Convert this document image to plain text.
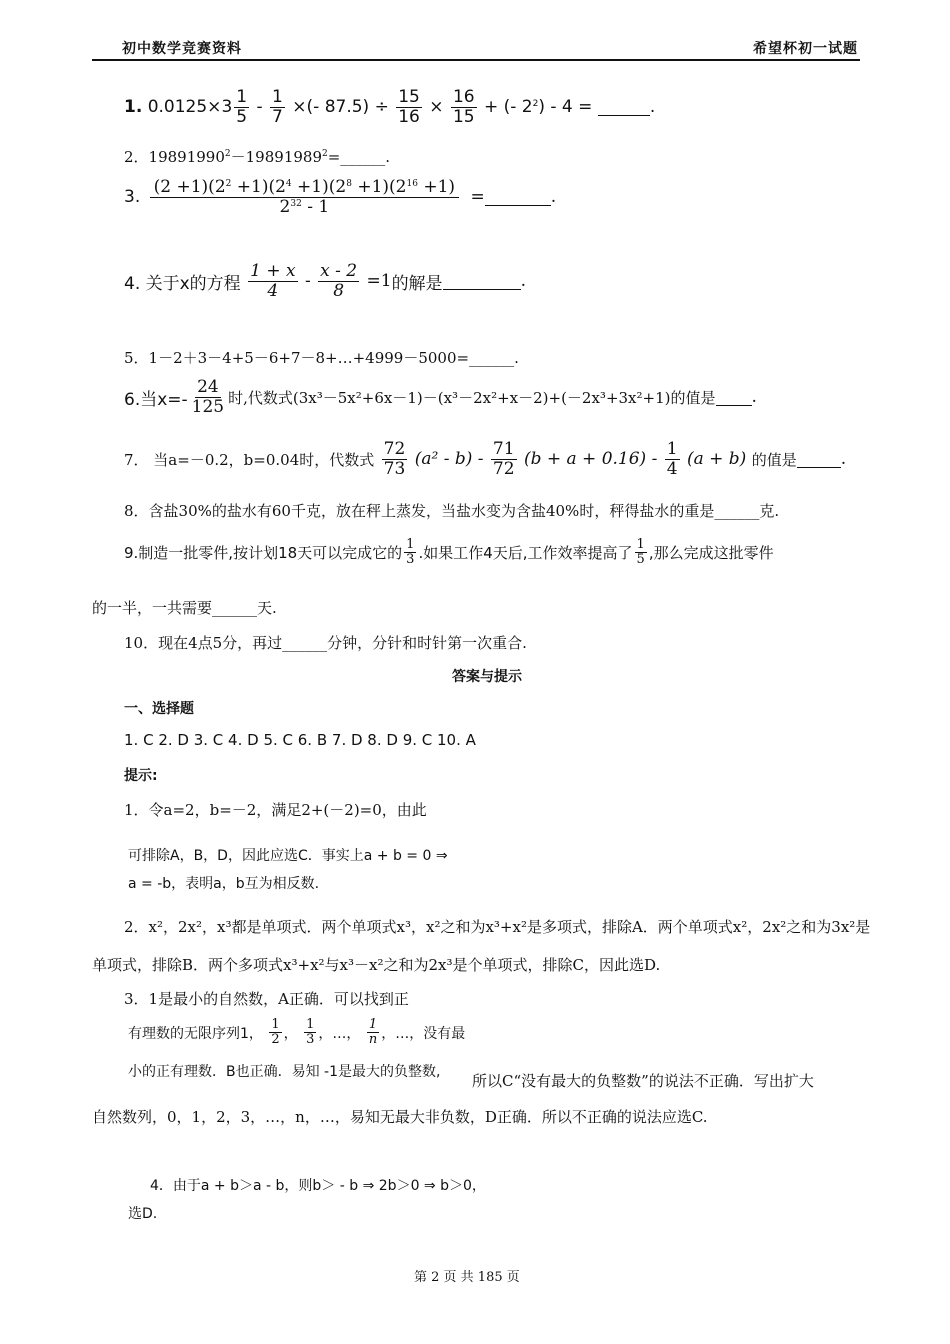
初中数学竞赛资料	希望杯初一试题
1. $0.0125\times 3 \frac{1}{5} - \frac{1}{7}$ ×(- $87.5) \div \frac{15}{16} \times \frac{16}{15}$ + (- $2^2) - 4$ =	.
2．$19891990^2-19891989^2=\_\_\_\_\_\_$.
3. $\frac{(2 +1)(2^2 +1)(2^4 +1)(2^8 +1)(2^{16} +1)}{2^{32} - 1}$ =	.
4. 关于x的方程 $\frac{1 + x}{4} - \frac{x - 2}{8} =1$的解是	.
5．1－2＋3－4+5－6+7－8+…+4999－5000=______.
6.当$x=- \frac{24}{125}$ 时,代数式(3x³－5x²+6x－1)－(x³－2x²+x－2)+(－2x³+3x²+1)的值是 .
7． 当a=－0.2，b=0.04时，代数式 $\frac{72}{73} (a^2 - b) - \frac{71}{72} (b + a + 0.16) - \frac{1}{4} (a + b)$ 的值是	.
8．含盐30%的盐水有60千克，放在秤上蒸发，当盐水变为含盐40%时，秤得盐水的重是______克.
9.制造一批零件,按计划18天可以完成它的 $\frac{1}{3}$ .如果工作4天后,工作效率提高了 $\frac{1}{5}$ ,那么完成这批零件
的一半，一共需要______天.
10．现在4点5分，再过______分钟，分针和时针第一次重合.
答案与提示
一、选择题
1. C 2. D 3. C 4. D 5. C 6. B 7. D 8. D 9. C 10. A
提示:
1．令a=2，b=－2，满足2+(－2)=0，由此
可排除A，B，D，因此应选C．事实上a + b = 0 ⇒
a = -b，表明a，b互为相反数.
2．x²，2x²，x³都是单项式．两个单项式x³，x²之和为x³+x²是多项式，排除A．两个单项式x²，2x²之和为3x²是
单项式，排除B．两个多项式x³+x²与x³－x²之和为2x³是个单项式，排除C，因此选D.
3．1是最小的自然数，A正确．可以找到正
有理数的无限序列1， $\frac{1}{2}$ ， $\frac{1}{3}$ ，…， $\frac{1}{n}$ ，…，没有最
小的正有理数．B也正确．易知 -1是最大的负整数, 所以C“没有最大的负整数”的说法不正确．写出扩大
自然数列，0，1，2，3，…，n，…，易知无最大非负数，D正确．所以不正确的说法应选C.
4．由于a + b＞a - b，则b＞ - b ⇒ 2b＞0 ⇒ b＞0，
选D.
第 2 页 共 185 页
